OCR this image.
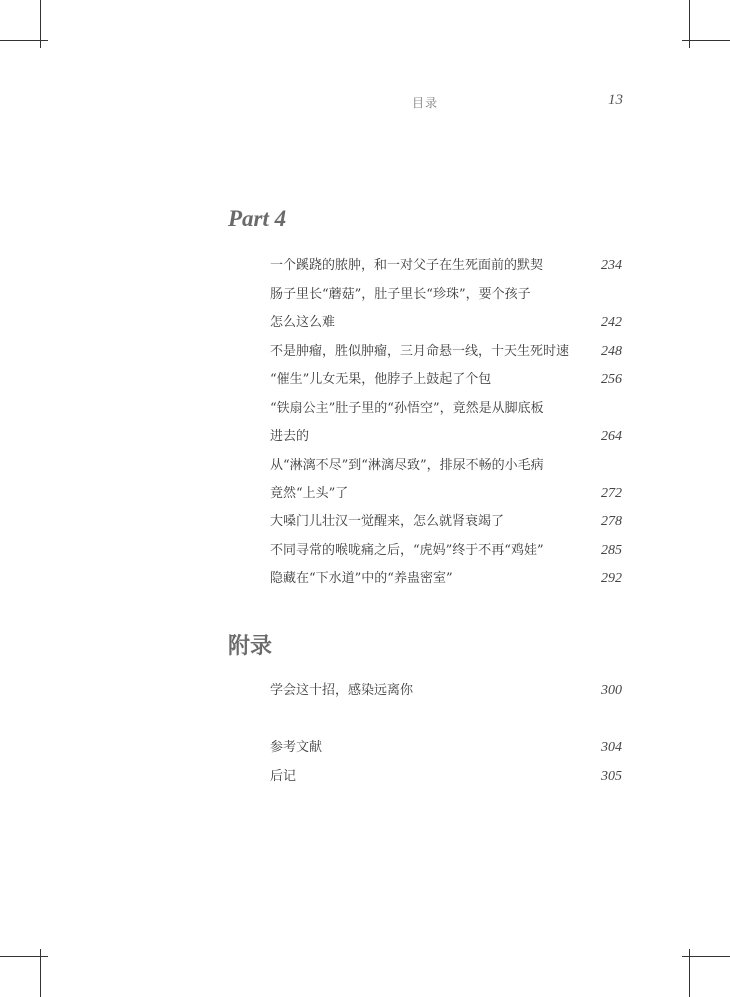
目录	13
Part 4
一个蹊跷的脓肿，和一对父子在生死面前的默契	234
肠子里长“蘑菇”，肚子里长“珍珠”，要个孩子
怎么这么难	242
不是肿瘤，胜似肿瘤，三月命悬一线，十天生死时速 248
“催生”儿女无果，他脖子上鼓起了个包	256
“铁扇公主”肚子里的“孙悟空”，竟然是从脚底板
进去的	264
从“淋漓不尽”到“淋漓尽致”，排尿不畅的小毛病
竟然“上头”了	272
大嗓门儿壮汉一觉醒来，怎么就肾衰竭了	278
不同寻常的喉咙痛之后，“虎妈”终于不再“鸡娃”	285
隐藏在“下水道”中的“养蛊密室”	292
附录
学会这十招，感染远离你	300
参考文献	304
后记	305
